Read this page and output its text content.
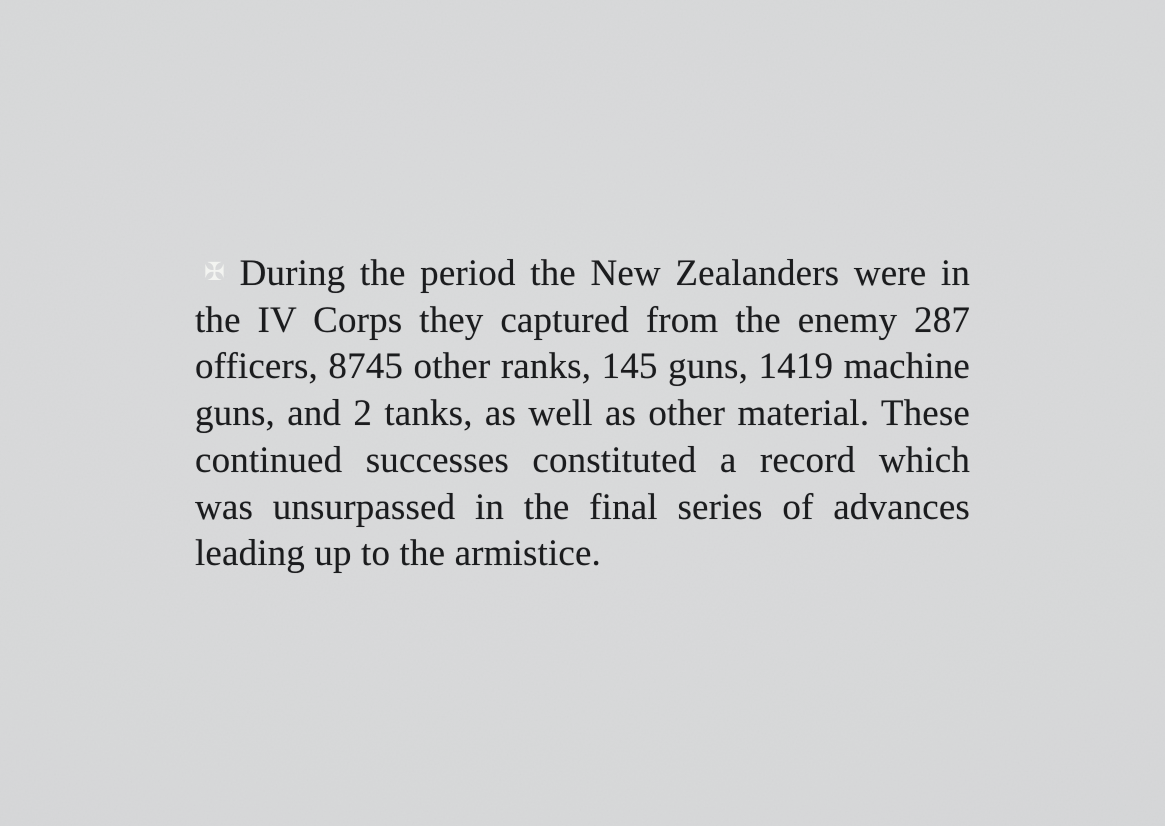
✠ During the period the New Zealanders were in
the IV Corps they captured from the enemy 287
officers, 8745 other ranks, 145 guns, 1419 machine
guns, and 2 tanks, as well as other material. These
continued successes constituted a record which
was unsurpassed in the final series of advances
leading up to the armistice.
